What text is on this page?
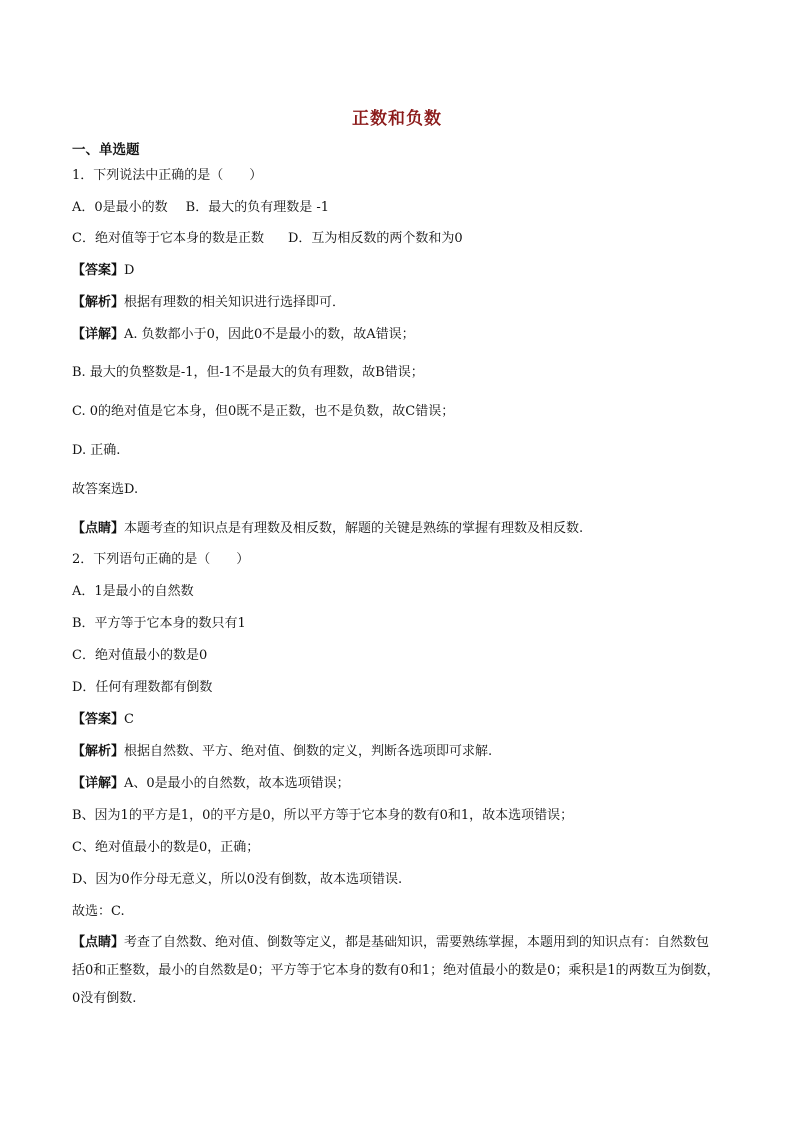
正数和负数
一、单选题
1．下列说法中正确的是（　　）
A．0是最小的数 B．最大的负有理数是 -1
C．绝对值等于它本身的数是正数 D．互为相反数的两个数和为0
【答案】D
【解析】根据有理数的相关知识进行选择即可．
【详解】A. 负数都小于0，因此0不是最小的数，故A错误；
B. 最大的负整数是-1，但-1不是最大的负有理数，故B错误；
C. 0的绝对值是它本身，但0既不是正数，也不是负数，故C错误；
D. 正确.
故答案选D.
【点睛】本题考查的知识点是有理数及相反数，解题的关键是熟练的掌握有理数及相反数.
2．下列语句正确的是（　　）
A．1是最小的自然数
B．平方等于它本身的数只有1
C．绝对值最小的数是0
D．任何有理数都有倒数
【答案】C
【解析】根据自然数、平方、绝对值、倒数的定义，判断各选项即可求解.
【详解】A、0是最小的自然数，故本选项错误；
B、因为1的平方是1，0的平方是0，所以平方等于它本身的数有0和1，故本选项错误；
C、绝对值最小的数是0，正确；
D、因为0作分母无意义，所以0没有倒数，故本选项错误.
故选：C.
【点睛】考查了自然数、绝对值、倒数等定义，都是基础知识，需要熟练掌握，本题用到的知识点有：自然数包括0和正整数，最小的自然数是0；平方等于它本身的数有0和1；绝对值最小的数是0；乘积是1的两数互为倒数，0没有倒数.
